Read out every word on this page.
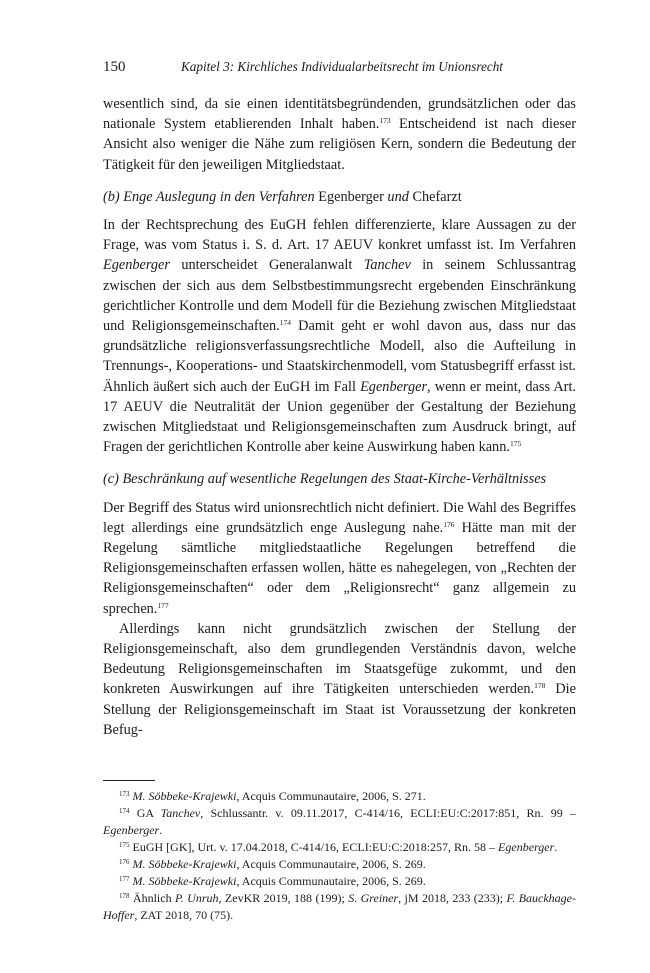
150	Kapitel 3: Kirchliches Individualarbeitsrecht im Unionsrecht

wesentlich sind, da sie einen identitätsbegründenden, grundsätzlichen oder das nationale System etablierenden Inhalt haben.$^{173}$ Entscheidend ist nach dieser Ansicht also weniger die Nähe zum religiösen Kern, sondern die Bedeutung der Tätigkeit für den jeweiligen Mitgliedstaat.

(b) Enge Auslegung in den Verfahren Egenberger und Chefarzt

In der Rechtsprechung des EuGH fehlen differenzierte, klare Aussagen zu der Frage, was vom Status i. S. d. Art. 17 AEUV konkret umfasst ist. Im Verfahren Egenberger unterscheidet Generalanwalt Tanchev in seinem Schlussantrag zwischen der sich aus dem Selbstbestimmungsrecht ergebenden Einschränkung gerichtlicher Kontrolle und dem Modell für die Beziehung zwischen Mitgliedstaat und Religionsgemeinschaften.$^{174}$ Damit geht er wohl davon aus, dass nur das grundsätzliche religionsverfassungsrechtliche Modell, also die Aufteilung in Trennungs-, Kooperations- und Staatskirchenmodell, vom Statusbegriff erfasst ist. Ähnlich äußert sich auch der EuGH im Fall Egenberger, wenn er meint, dass Art. 17 AEUV die Neutralität der Union gegenüber der Gestaltung der Beziehung zwischen Mitgliedstaat und Religionsgemeinschaften zum Ausdruck bringt, auf Fragen der gerichtlichen Kontrolle aber keine Auswirkung haben kann.$^{175}$

(c) Beschränkung auf wesentliche Regelungen des Staat-Kirche-Verhältnisses

Der Begriff des Status wird unionsrechtlich nicht definiert. Die Wahl des Begriffes legt allerdings eine grundsätzlich enge Auslegung nahe.$^{176}$ Hätte man mit der Regelung sämtliche mitgliedstaatliche Regelungen betreffend die Religionsgemeinschaften erfassen wollen, hätte es nahegelegen, von „Rechten der Religionsgemeinschaften“ oder dem „Religionsrecht“ ganz allgemein zu sprechen.$^{177}$

Allerdings kann nicht grundsätzlich zwischen der Stellung der Religionsgemeinschaft, also dem grundlegenden Verständnis davon, welche Bedeutung Religionsgemeinschaften im Staatsgefüge zukommt, und den konkreten Auswirkungen auf ihre Tätigkeiten unterschieden werden.$^{178}$ Die Stellung der Religionsgemeinschaft im Staat ist Voraussetzung der konkreten Befug-

$^{173}$ M. Söbbeke-Krajewki, Acquis Communautaire, 2006, S. 271.

$^{174}$ GA Tanchev, Schlussantr. v. 09.11.2017, C-414/16, ECLI:EU:C:2017:851, Rn. 99 – Egenberger.

$^{175}$ EuGH [GK], Urt. v. 17.04.2018, C-414/16, ECLI:EU:C:2018:257, Rn. 58 – Egenberger.

$^{176}$ M. Söbbeke-Krajewki, Acquis Communautaire, 2006, S. 269.

$^{177}$ M. Söbbeke-Krajewki, Acquis Communautaire, 2006, S. 269.

$^{178}$ Ähnlich P. Unruh, ZevKR 2019, 188 (199); S. Greiner, jM 2018, 233 (233); F. Bauckhage-Hoffer, ZAT 2018, 70 (75).
